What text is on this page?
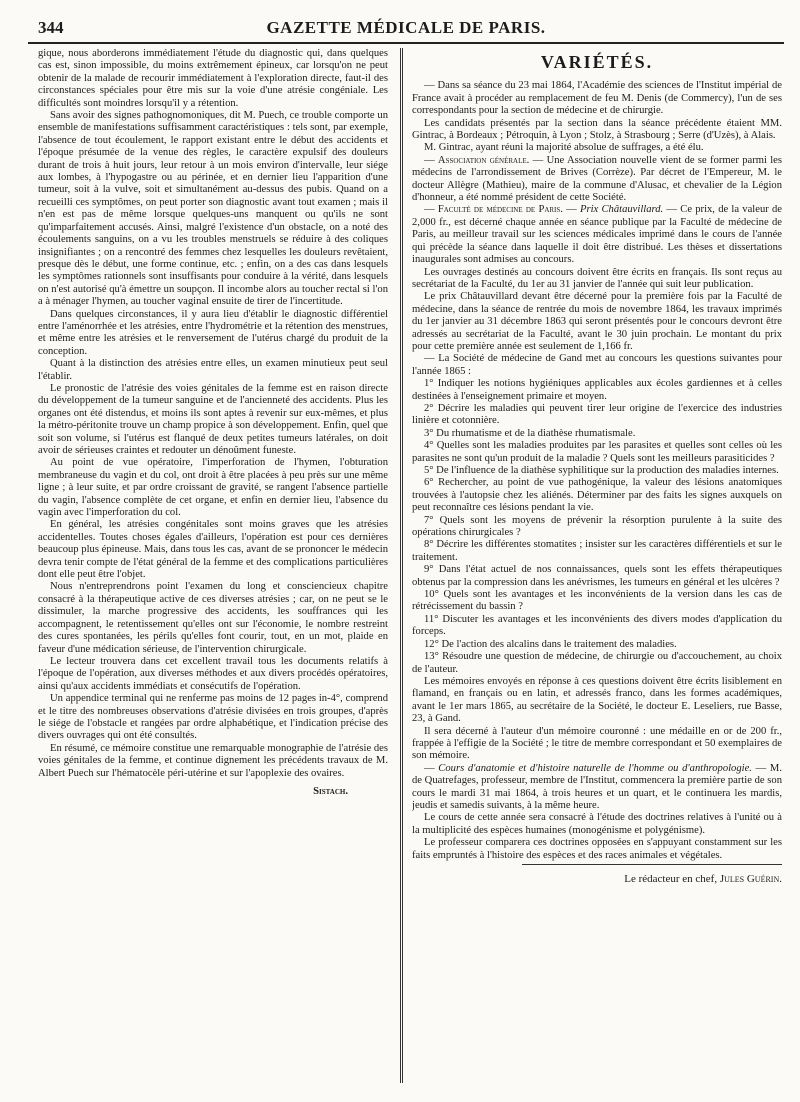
344	GAZETTE MÉDICALE DE PARIS.

gique, nous aborderons immédiatement l'étude du diagnostic qui, dans quelques cas est, sinon impossible, du moins extrêmement épineux, car lorsqu'on ne peut obtenir de la malade de recourir immédiatement à l'exploration directe, faut-il des circonstances spéciales pour être mis sur la voie d'une atrésie congéniale. Les difficultés sont moindres lorsqu'il y a rétention.

Sans avoir des signes pathognomoniques, dit M. Puech, ce trouble comporte un ensemble de manifestations suffisamment caractéristiques : tels sont, par exemple, l'absence de tout écoulement, le rapport existant entre le début des accidents et l'époque présumée de la venue des règles, le caractère expulsif des douleurs durant de trois à huit jours, leur retour à un mois environ d'intervalle, leur siége aux lombes, à l'hypogastre ou au périnée, et en dernier lieu l'apparition d'une tumeur, soit à la vulve, soit et simultanément au-dessus des pubis. Quand on a recueilli ces symptômes, on peut porter son diagnostic avant tout examen ; mais il n'en est pas de même lorsque quelques-uns manquent ou qu'ils ne sont qu'imparfaitement accusés. Ainsi, malgré l'existence d'un obstacle, on a noté des écoulements sanguins, on a vu les troubles menstruels se réduire à des coliques insignifiantes ; on a rencontré des femmes chez lesquelles les douleurs revêtaient, presque dès le début, une forme continue, etc. ; enfin, on a des cas dans lesquels les symptômes rationnels sont insuffisants pour conduire à la vérité, dans lesquels on n'est autorisé qu'à émettre un soupçon. Il incombe alors au toucher rectal si l'on a à ménager l'hymen, au toucher vaginal ensuite de tirer de l'incertitude.

Dans quelques circonstances, il y aura lieu d'établir le diagnostic différentiel entre l'aménorrhée et les atrésies, entre l'hydrométrie et la rétention des menstrues, et même entre les atrésies et le renversement de l'utérus chargé du produit de la conception.

Quant à la distinction des atrésies entre elles, un examen minutieux peut seul l'établir.

Le pronostic de l'atrésie des voies génitales de la femme est en raison directe du développement de la tumeur sanguine et de l'ancienneté des accidents. Plus les organes ont été distendus, et moins ils sont aptes à revenir sur eux-mêmes, et plus la métro-péritonite trouve un champ propice à son développement. Enfin, quel que soit son volume, si l'utérus est flanqué de deux petites tumeurs latérales, on doit avoir de sérieuses craintes et redouter un dénoûment funeste.

Au point de vue opératoire, l'imperforation de l'hymen, l'obturation membraneuse du vagin et du col, ont droit à être placées à peu près sur une même ligne ; à leur suite, et par ordre croissant de gravité, se rangent l'absence partielle du vagin, l'absence complète de cet organe, et enfin en dernier lieu, l'absence du vagin avec l'imperforation du col.

En général, les atrésies congénitales sont moins graves que les atrésies accidentelles. Toutes choses égales d'ailleurs, l'opération est pour ces dernières beaucoup plus épineuse. Mais, dans tous les cas, avant de se prononcer le médecin devra tenir compte de l'état général de la femme et des complications particulières dont elle peut être l'objet.

Nous n'entreprendrons point l'examen du long et consciencieux chapitre consacré à la thérapeutique active de ces diverses atrésies ; car, on ne peut se le dissimuler, la marche progressive des accidents, les souffrances qui les accompagnent, le retentissement qu'elles ont sur l'économie, le nombre restreint des cures spontanées, les périls qu'elles font courir, tout, en un mot, plaide en faveur d'une médication sérieuse, de l'intervention chirurgicale.

Le lecteur trouvera dans cet excellent travail tous les documents relatifs à l'époque de l'opération, aux diverses méthodes et aux divers procédés opératoires, ainsi qu'aux accidents immédiats et consécutifs de l'opération.

Un appendice terminal qui ne renferme pas moins de 12 pages in-4°, comprend et le titre des nombreuses observations d'atrésie divisées en trois groupes, d'après le siége de l'obstacle et rangées par ordre alphabétique, et l'indication précise des divers ouvrages qui ont été consultés.

En résumé, ce mémoire constitue une remarquable monographie de l'atrésie des voies génitales de la femme, et continue dignement les précédents travaux de M. Albert Puech sur l'hématocèle péri-utérine et sur l'apoplexie des ovaires.

Sistach.
VARIÉTÉS.

— Dans sa séance du 23 mai 1864, l'Académie des sciences de l'Institut impérial de France avait à procéder au remplacement de feu M. Denis (de Commercy), l'un de ses correspondants pour la section de médecine et de chirurgie.

Les candidats présentés par la section dans la séance précédente étaient MM. Gintrac, à Bordeaux ; Pétroquin, à Lyon ; Stolz, à Strasbourg ; Serre (d'Uzès), à Alais.

M. Gintrac, ayant réuni la majorité absolue de suffrages, a été élu.

— Association générale. — Une Association nouvelle vient de se former parmi les médecins de l'arrondissement de Brives (Corrèze). Par décret de l'Empereur, M. le docteur Allègre (Mathieu), maire de la commune d'Alusac, et chevalier de la Légion d'honneur, a été nommé président de cette Société.

— Faculté de médecine de Paris. — Prix Châtauvillard. — Ce prix, de la valeur de 2,000 fr., est décerné chaque année en séance publique par la Faculté de médecine de Paris, au meilleur travail sur les sciences médicales imprimé dans le cours de l'année qui précède la séance dans laquelle il doit être distribué. Les thèses et dissertations inaugurales sont admises au concours.

Les ouvrages destinés au concours doivent être écrits en français. Ils sont reçus au secrétariat de la Faculté, du 1er au 31 janvier de l'année qui suit leur publication.

Le prix Châtauvillard devant être décerné pour la première fois par la Faculté de médecine, dans la séance de rentrée du mois de novembre 1864, les travaux imprimés du 1er janvier au 31 décembre 1863 qui seront présentés pour le concours devront être adressés au secrétariat de la Faculté, avant le 30 juin prochain. Le montant du prix pour cette première année est seulement de 1,166 fr.

— La Société de médecine de Gand met au concours les questions suivantes pour l'année 1865 :

1° Indiquer les notions hygiéniques applicables aux écoles gardiennes et à celles destinées à l'enseignement primaire et moyen.

2° Décrire les maladies qui peuvent tirer leur origine de l'exercice des industries linière et cotonnière.

3° Du rhumatisme et de la diathèse rhumatismale.

4° Quelles sont les maladies produites par les parasites et quelles sont celles où les parasites ne sont qu'un produit de la maladie ? Quels sont les meilleurs parasiticides ?

5° De l'influence de la diathèse syphilitique sur la production des maladies internes.

6° Rechercher, au point de vue pathogénique, la valeur des lésions anatomiques trouvées à l'autopsie chez les aliénés. Déterminer par des faits les signes auxquels on peut reconnaître ces lésions pendant la vie.

7° Quels sont les moyens de prévenir la résorption purulente à la suite des opérations chirurgicales ?

8° Décrire les différentes stomatites ; insister sur les caractères différentiels et sur le traitement.

9° Dans l'état actuel de nos connaissances, quels sont les effets thérapeutiques obtenus par la compression dans les anévrismes, les tumeurs en général et les ulcères ?

10° Quels sont les avantages et les inconvénients de la version dans les cas de rétrécissement du bassin ?

11° Discuter les avantages et les inconvénients des divers modes d'application du forceps.

12° De l'action des alcalins dans le traitement des maladies.

13° Résoudre une question de médecine, de chirurgie ou d'accouchement, au choix de l'auteur.

Les mémoires envoyés en réponse à ces questions doivent être écrits lisiblement en flamand, en français ou en latin, et adressés franco, dans les formes académiques, avant le 1er mars 1865, au secrétaire de la Société, le docteur E. Leseliers, rue Basse, 23, à Gand.

Il sera décerné à l'auteur d'un mémoire couronné : une médaille en or de 200 fr., frappée à l'effigie de la Société ; le titre de membre correspondant et 50 exemplaires de son mémoire.

— Cours d'anatomie et d'histoire naturelle de l'homme ou d'anthropologie. — M. de Quatrefages, professeur, membre de l'Institut, commencera la première partie de son cours le mardi 31 mai 1864, à trois heures et un quart, et le continuera les mardis, jeudis et samedis suivants, à la même heure.

Le cours de cette année sera consacré à l'étude des doctrines relatives à l'unité ou à la multiplicité des espèces humaines (monogénisme et polygénisme).

Le professeur comparera ces doctrines opposées en s'appuyant constamment sur les faits empruntés à l'histoire des espèces et des races animales et végétales.

Le rédacteur en chef, Jules Guérin.
